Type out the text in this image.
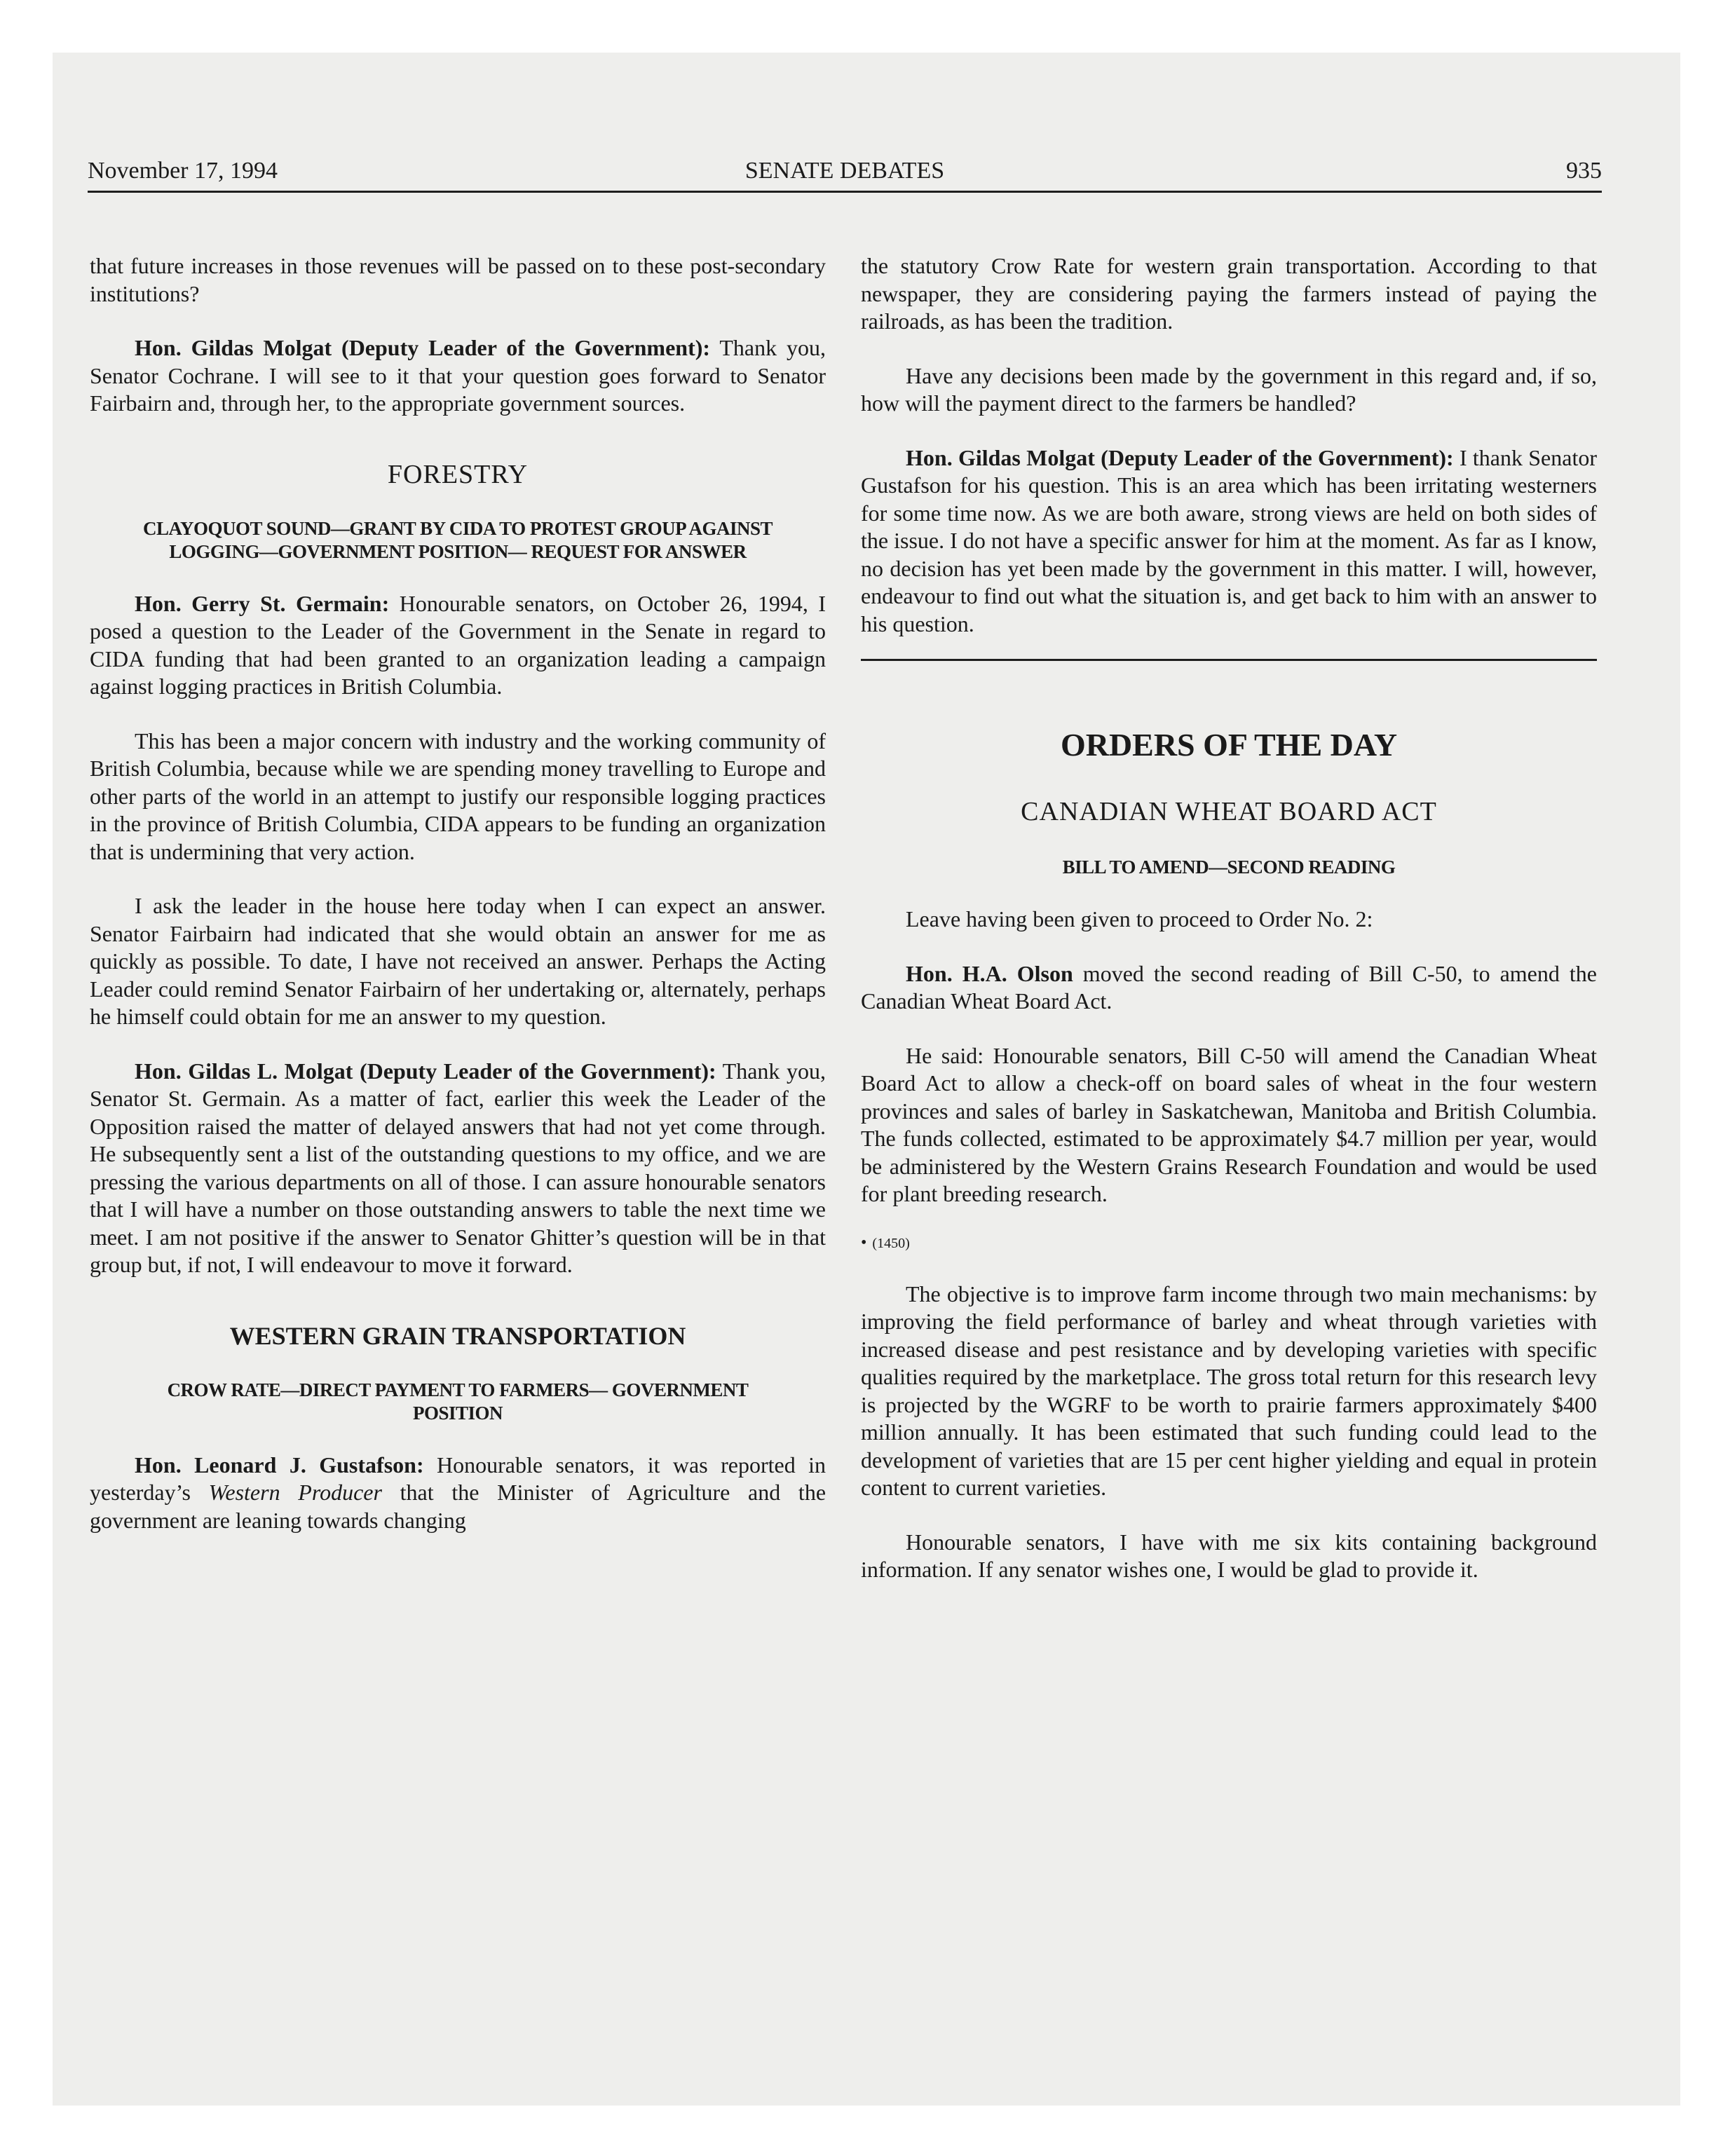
November 17, 1994	SENATE DEBATES	935

that future increases in those revenues will be passed on to these post-secondary institutions?

Hon. Gildas Molgat (Deputy Leader of the Government): Thank you, Senator Cochrane. I will see to it that your question goes forward to Senator Fairbairn and, through her, to the appropriate government sources.

FORESTRY
CLAYOQUOT SOUND—GRANT BY CIDA TO PROTEST GROUP AGAINST LOGGING—GOVERNMENT POSITION— REQUEST FOR ANSWER

Hon. Gerry St. Germain: Honourable senators, on October 26, 1994, I posed a question to the Leader of the Government in the Senate in regard to CIDA funding that had been granted to an organization leading a campaign against logging practices in British Columbia.

This has been a major concern with industry and the working community of British Columbia, because while we are spending money travelling to Europe and other parts of the world in an attempt to justify our responsible logging practices in the province of British Columbia, CIDA appears to be funding an organization that is undermining that very action.

I ask the leader in the house here today when I can expect an answer. Senator Fairbairn had indicated that she would obtain an answer for me as quickly as possible. To date, I have not received an answer. Perhaps the Acting Leader could remind Senator Fairbairn of her undertaking or, alternately, perhaps he himself could obtain for me an answer to my question.

Hon. Gildas L. Molgat (Deputy Leader of the Government): Thank you, Senator St. Germain. As a matter of fact, earlier this week the Leader of the Opposition raised the matter of delayed answers that had not yet come through. He subsequently sent a list of the outstanding questions to my office, and we are pressing the various departments on all of those. I can assure honourable senators that I will have a number on those outstanding answers to table the next time we meet. I am not positive if the answer to Senator Ghitter’s question will be in that group but, if not, I will endeavour to move it forward.

WESTERN GRAIN TRANSPORTATION
CROW RATE—DIRECT PAYMENT TO FARMERS— GOVERNMENT POSITION

Hon. Leonard J. Gustafson: Honourable senators, it was reported in yesterday’s Western Producer that the Minister of Agriculture and the government are leaning towards changing

the statutory Crow Rate for western grain transportation. According to that newspaper, they are considering paying the farmers instead of paying the railroads, as has been the tradition.

Have any decisions been made by the government in this regard and, if so, how will the payment direct to the farmers be handled?

Hon. Gildas Molgat (Deputy Leader of the Government): I thank Senator Gustafson for his question. This is an area which has been irritating westerners for some time now. As we are both aware, strong views are held on both sides of the issue. I do not have a specific answer for him at the moment. As far as I know, no decision has yet been made by the government in this matter. I will, however, endeavour to find out what the situation is, and get back to him with an answer to his question.

ORDERS OF THE DAY
CANADIAN WHEAT BOARD ACT
BILL TO AMEND—SECOND READING

Leave having been given to proceed to Order No. 2:

Hon. H.A. Olson moved the second reading of Bill C-50, to amend the Canadian Wheat Board Act.

He said: Honourable senators, Bill C-50 will amend the Canadian Wheat Board Act to allow a check-off on board sales of wheat in the four western provinces and sales of barley in Saskatchewan, Manitoba and British Columbia. The funds collected, estimated to be approximately $4.7 million per year, would be administered by the Western Grains Research Foundation and would be used for plant breeding research.

• (1450)

The objective is to improve farm income through two main mechanisms: by improving the field performance of barley and wheat through varieties with increased disease and pest resistance and by developing varieties with specific qualities required by the marketplace. The gross total return for this research levy is projected by the WGRF to be worth to prairie farmers approximately $400 million annually. It has been estimated that such funding could lead to the development of varieties that are 15 per cent higher yielding and equal in protein content to current varieties.

Honourable senators, I have with me six kits containing background information. If any senator wishes one, I would be glad to provide it.
